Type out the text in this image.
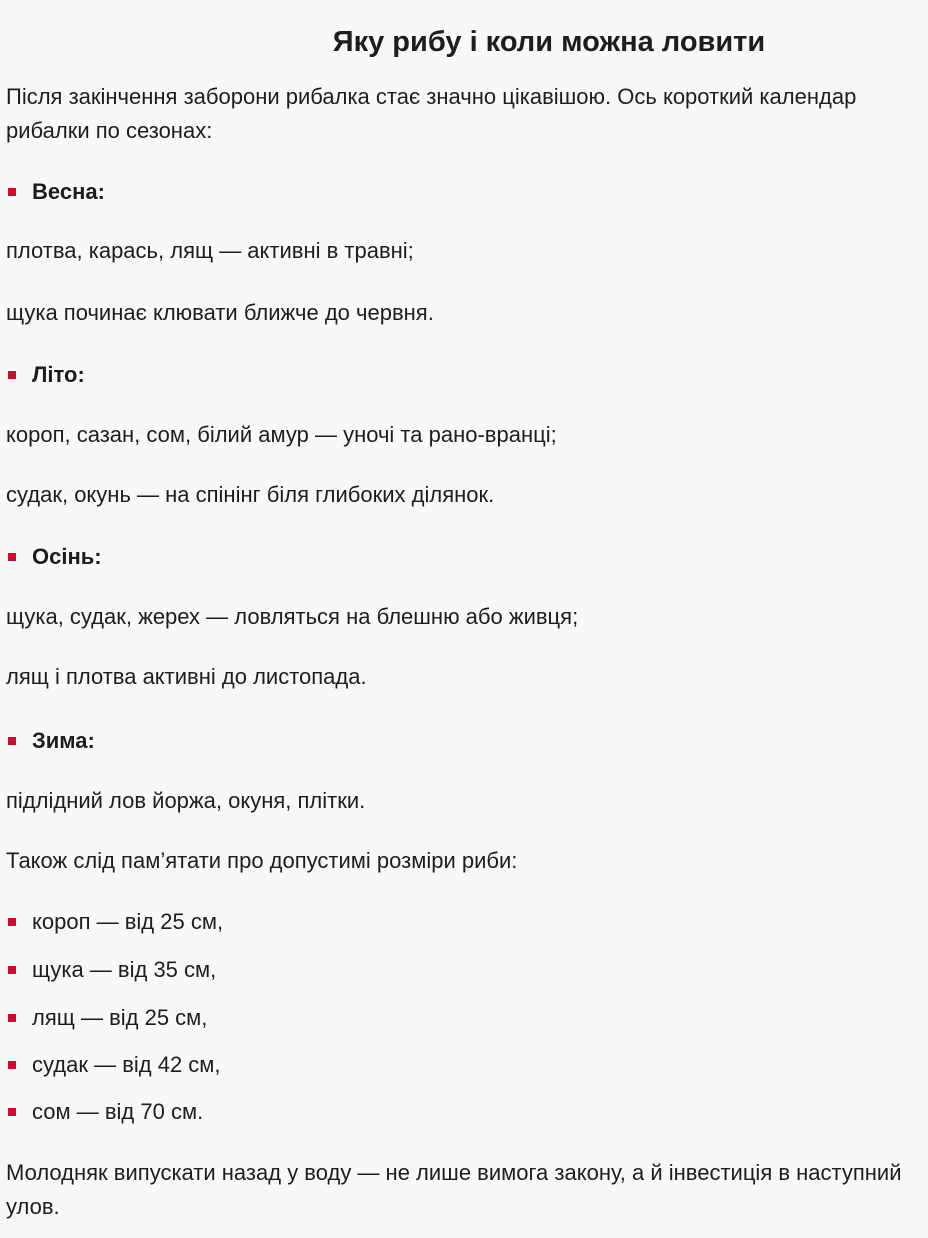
Яку рибу і коли можна ловити

Після закінчення заборони рибалка стає значно цікавішою. Ось короткий календар рибалки по сезонах:

Весна:

плотва, карась, лящ — активні в травні;

щука починає клювати ближче до червня.

Літо:

короп, сазан, сом, білий амур — уночі та рано-вранці;

судак, окунь — на спінінг біля глибоких ділянок.

Осінь:

щука, судак, жерех — ловляться на блешню або живця;

лящ і плотва активні до листопада.

Зима:

підлідний лов йоржа, окуня, плітки.

Також слід пам’ятати про допустимі розміри риби:

короп — від 25 см,
щука — від 35 см,
лящ — від 25 см,
судак — від 42 см,
сом — від 70 см.

Молодняк випускати назад у воду — не лише вимога закону, а й інвестиція в наступний улов.
